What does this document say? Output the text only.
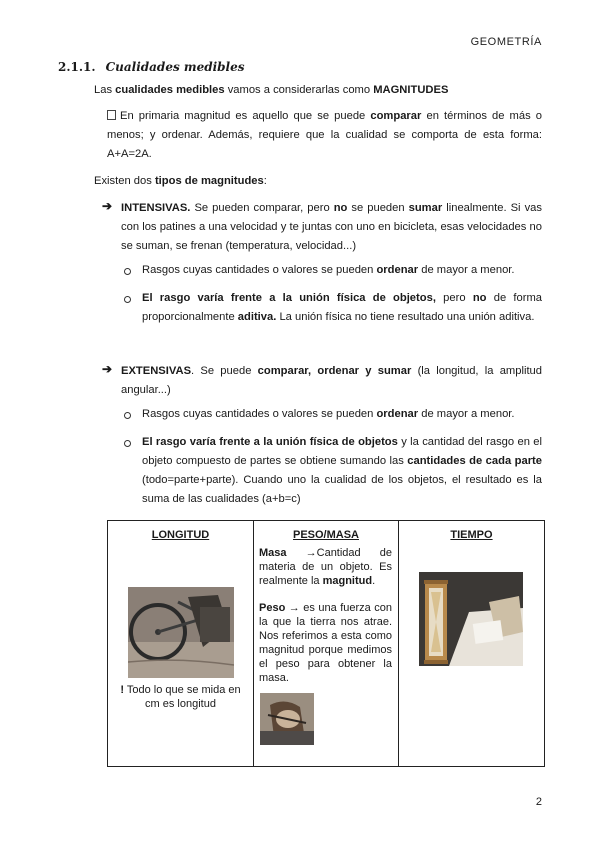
GEOMETRÍA
2.1.1. Cualidades medibles
Las cualidades medibles vamos a considerarlas como MAGNITUDES
En primaria magnitud es aquello que se puede comparar en términos de más o menos; y ordenar. Además, requiere que la cualidad se comporta de esta forma: A+A=2A.
Existen dos tipos de magnitudes:
➔ INTENSIVAS. Se pueden comparar, pero no se pueden sumar linealmente. Si vas con los patines a una velocidad y te juntas con uno en bicicleta, esas velocidades no se suman, se frenan (temperatura, velocidad...)
Rasgos cuyas cantidades o valores se pueden ordenar de mayor a menor.
El rasgo varía frente a la unión física de objetos, pero no de forma proporcionalmente aditiva. La unión física no tiene resultado una unión aditiva.
➔ EXTENSIVAS. Se puede comparar, ordenar y sumar (la longitud, la amplitud angular...)
Rasgos cuyas cantidades o valores se pueden ordenar de mayor a menor.
El rasgo varía frente a la unión física de objetos y la cantidad del rasgo en el objeto compuesto de partes se obtiene sumando las cantidades de cada parte (todo=parte+parte). Cuando uno la cualidad de los objetos, el resultado es la suma de las cualidades (a+b=c)
LONGITUD
! Todo lo que se mida en cm es longitud

PESO/MASA
Masa →Cantidad de materia de un objeto. Es realmente la magnitud.
Peso → es una fuerza con la que la tierra nos atrae. Nos referimos a esta como magnitud porque medimos el peso para obtener la masa.

TIEMPO
2
